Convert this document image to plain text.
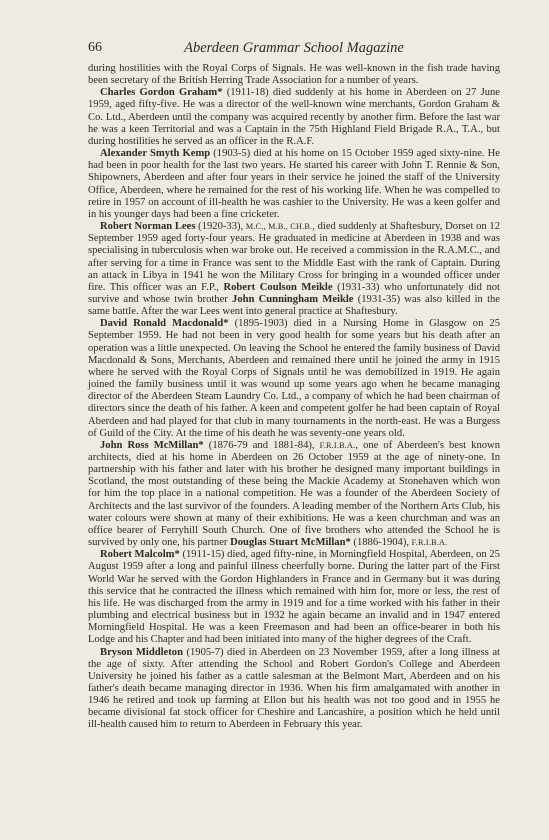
66	Aberdeen Grammar School Magazine

during hostilities with the Royal Corps of Signals. He was well-known in the fish trade having been secretary of the British Herring Trade Association for a number of years.

Charles Gordon Graham* (1911-18) died suddenly at his home in Aberdeen on 27 June 1959, aged fifty-five. He was a director of the well-known wine merchants, Gordon Graham & Co. Ltd., Aberdeen until the company was acquired recently by another firm. Before the last war he was a keen Territorial and was a Captain in the 75th Highland Field Brigade R.A., T.A., but during hostilities he served as an officer in the R.A.F.

Alexander Smyth Kemp (1903-5) died at his home on 15 October 1959 aged sixty-nine. He had been in poor health for the last two years. He started his career with John T. Rennie & Son, Shipowners, Aberdeen and after four years in their service he joined the staff of the University Office, Aberdeen, where he remained for the rest of his working life. When he was compelled to retire in 1957 on account of ill-health he was cashier to the University. He was a keen golfer and in his younger days had been a fine cricketer.

Robert Norman Lees (1920-33), M.C., M.B., CH.B., died suddenly at Shaftesbury, Dorset on 12 September 1959 aged forty-four years. He graduated in medicine at Aberdeen in 1938 and was specialising in tuberculosis when war broke out. He received a commission in the R.A.M.C., and after serving for a time in France was sent to the Middle East with the rank of Captain. During an attack in Libya in 1941 he won the Military Cross for bringing in a wounded officer under fire. This officer was an F.P., Robert Coulson Meikle (1931-33) who unfortunately did not survive and whose twin brother John Cunningham Meikle (1931-35) was also killed in the same battle. After the war Lees went into general practice at Shaftesbury.

David Ronald Macdonald* (1895-1903) died in a Nursing Home in Glasgow on 25 September 1959. He had not been in very good health for some years but his death after an operation was a little unexpected. On leaving the School he entered the family business of David Macdonald & Sons, Merchants, Aberdeen and remained there until he joined the army in 1915 where he served with the Royal Corps of Signals until he was demobilized in 1919. He again joined the family business until it was wound up some years ago when he became managing director of the Aberdeen Steam Laundry Co. Ltd., a company of which he had been chairman of directors since the death of his father. A keen and competent golfer he had been captain of Royal Aberdeen and had played for that club in many tournaments in the north-east. He was a Burgess of Guild of the City. At the time of his death he was seventy-one years old.

John Ross McMillan* (1876-79 and 1881-84), F.R.I.B.A., one of Aberdeen's best known architects, died at his home in Aberdeen on 26 October 1959 at the age of ninety-one. In partnership with his father and later with his brother he designed many important buildings in Scotland, the most outstanding of these being the Mackie Academy at Stonehaven which won for him the top place in a national competition. He was a founder of the Aberdeen Society of Architects and the last survivor of the founders. A leading member of the Northern Arts Club, his water colours were shown at many of their exhibitions. He was a keen churchman and was an office bearer of Ferryhill South Church. One of five brothers who attended the School he is survived by only one, his partner Douglas Stuart McMillan* (1886-1904), F.R.I.B.A.

Robert Malcolm* (1911-15) died, aged fifty-nine, in Morningfield Hospital, Aberdeen, on 25 August 1959 after a long and painful illness cheerfully borne. During the latter part of the First World War he served with the Gordon Highlanders in France and in Germany but it was during this service that he contracted the illness which remained with him for, more or less, the rest of his life. He was discharged from the army in 1919 and for a time worked with his father in their plumbing and electrical business but in 1932 he again became an invalid and in 1947 entered Morningfield Hospital. He was a keen Freemason and had been an office-bearer in both his Lodge and his Chapter and had been initiated into many of the higher degrees of the Craft.

Bryson Middleton (1905-7) died in Aberdeen on 23 November 1959, after a long illness at the age of sixty. After attending the School and Robert Gordon's College and Aberdeen University he joined his father as a cattle salesman at the Belmont Mart, Aberdeen and on his father's death became managing director in 1936. When his firm amalgamated with another in 1946 he retired and took up farming at Ellon but his health was not too good and in 1955 he became divisional fat stock officer for Cheshire and Lancashire, a position which he held until ill-health caused him to return to Aberdeen in February this year.
